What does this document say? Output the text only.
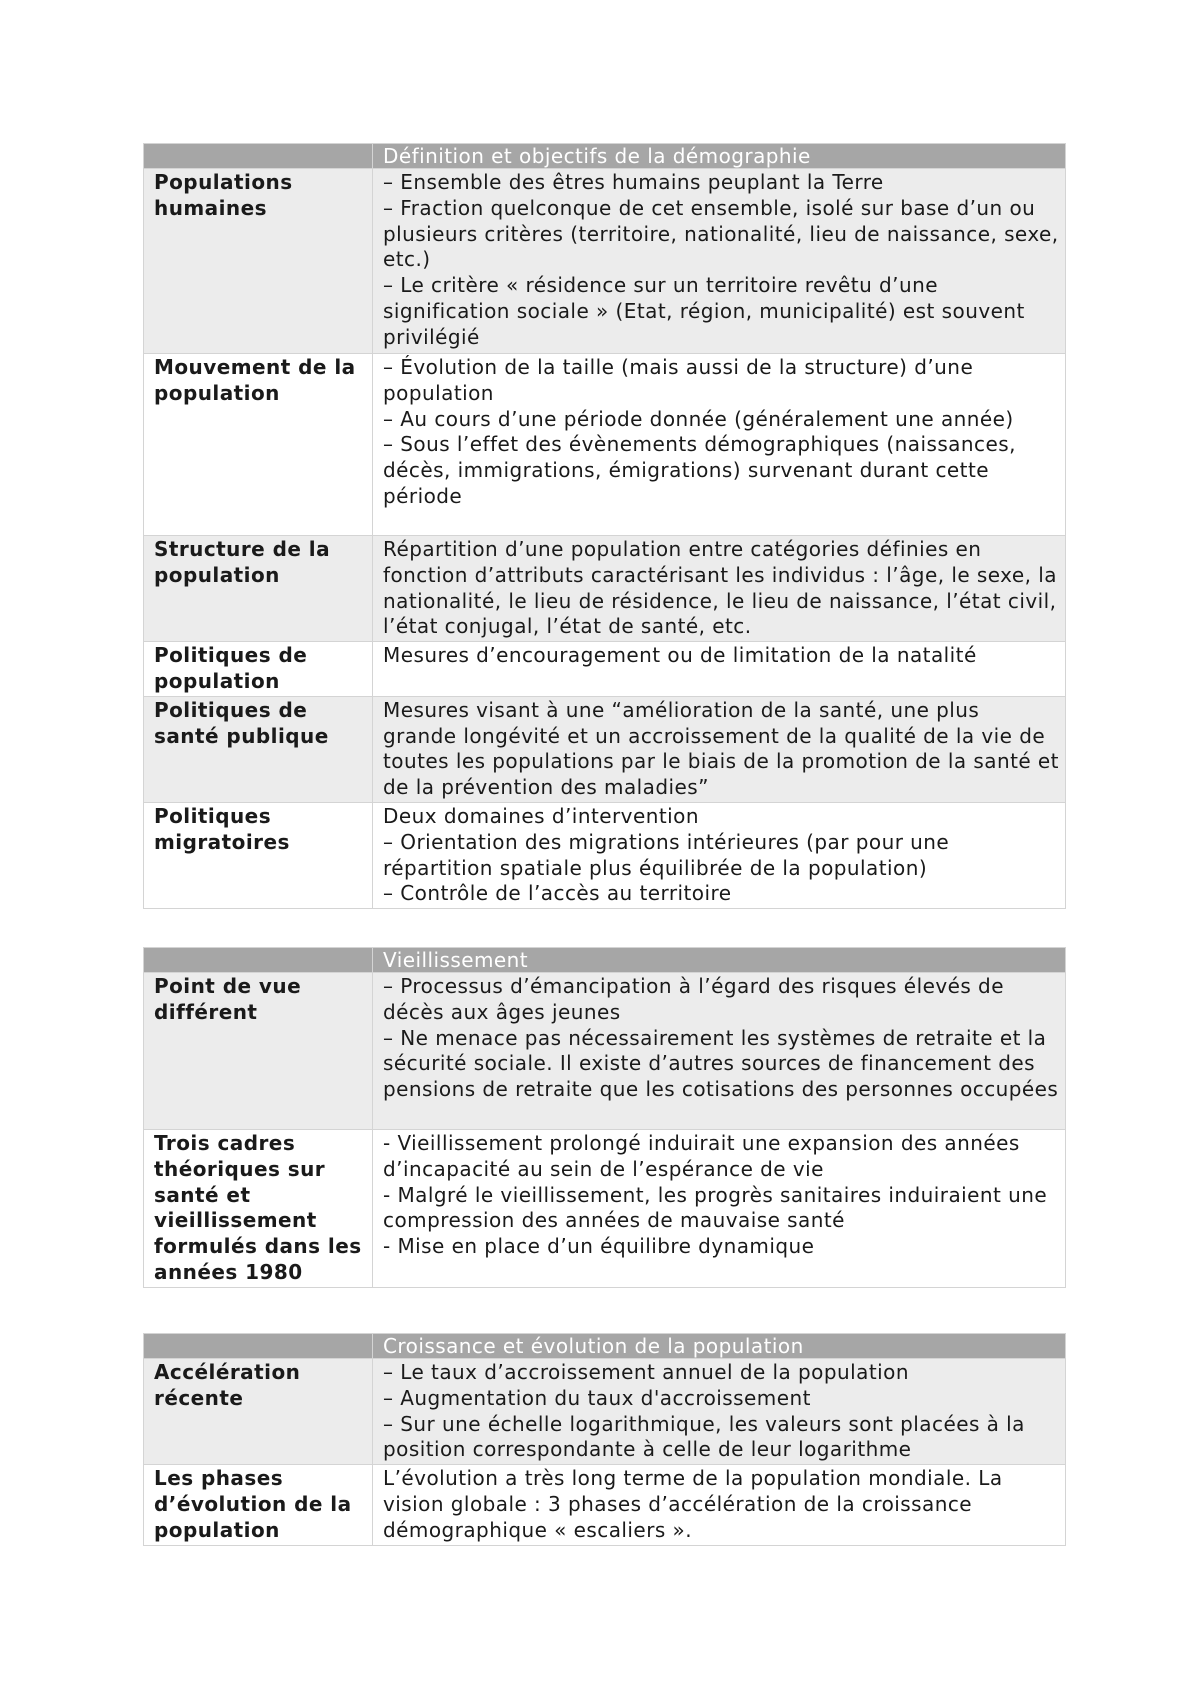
	Définition et objectifs de la démographie
Populations humaines	– Ensemble des êtres humains peuplant la Terre
– Fraction quelconque de cet ensemble, isolé sur base d’un ou plusieurs critères (territoire, nationalité, lieu de naissance, sexe, etc.)
– Le critère « résidence sur un territoire revêtu d’une signification sociale » (Etat, région, municipalité) est souvent privilégié

Mouvement de la population	– Évolution de la taille (mais aussi de la structure) d’une population
– Au cours d’une période donnée (généralement une année)
– Sous l’effet des évènements démographiques (naissances, décès, immigrations, émigrations) survenant durant cette période

Structure de la population	Répartition d’une population entre catégories définies en fonction d’attributs caractérisant les individus : l’âge, le sexe, la nationalité, le lieu de résidence, le lieu de naissance, l’état civil, l’état conjugal, l’état de santé, etc.

Politiques de population	Mesures d’encouragement ou de limitation de la natalité

Politiques de santé publique	Mesures visant à une “amélioration de la santé, une plus grande longévité et un accroissement de la qualité de la vie de toutes les populations par le biais de la promotion de la santé et de la prévention des maladies”

Politiques migratoires	Deux domaines d’intervention
– Orientation des migrations intérieures (par pour une répartition spatiale plus équilibrée de la population)
– Contrôle de l’accès au territoire
	Vieillissement
Point de vue différent	– Processus d’émancipation à l’égard des risques élevés de décès aux âges jeunes
– Ne menace pas nécessairement les systèmes de retraite et la sécurité sociale. Il existe d’autres sources de financement des pensions de retraite que les cotisations des personnes occupées

Trois cadres théoriques sur santé et vieillissement formulés dans les années 1980	- Vieillissement prolongé induirait une expansion des années d’incapacité au sein de l’espérance de vie
- Malgré le vieillissement, les progrès sanitaires induiraient une compression des années de mauvaise santé
- Mise en place d’un équilibre dynamique
	Croissance et évolution de la population
Accélération récente	– Le taux d’accroissement annuel de la population
– Augmentation du taux d'accroissement
– Sur une échelle logarithmique, les valeurs sont placées à la position correspondante à celle de leur logarithme

Les phases d’évolution de la population	L’évolution a très long terme de la population mondiale. La vision globale : 3 phases d’accélération de la croissance démographique « escaliers ».
